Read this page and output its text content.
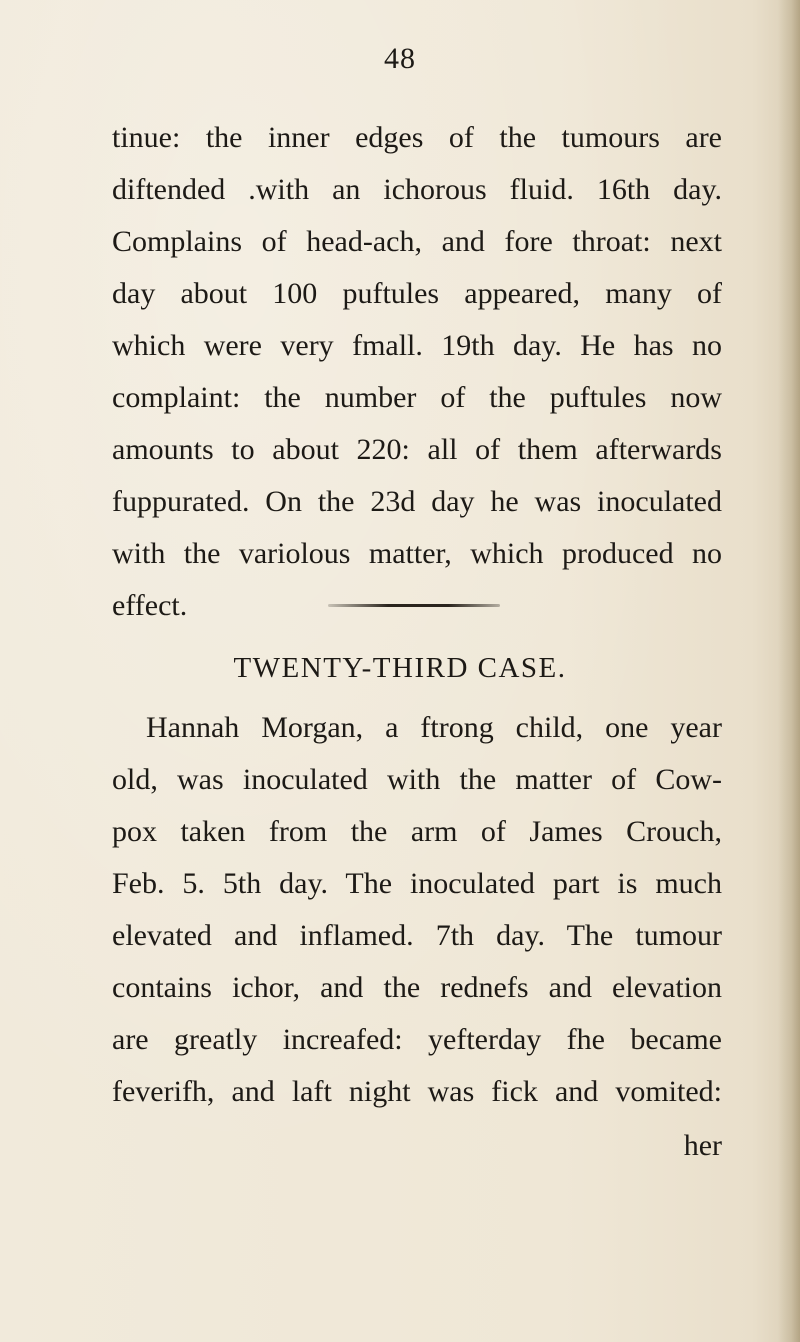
48
tinue: the inner edges of the tumours are
diftended .with an ichorous fluid. 16th day.
Complains of head-ach, and fore throat: next
day about 100 puftules appeared, many of
which were very fmall. 19th day. He has no
complaint: the number of the puftules now
amounts to about 220: all of them afterwards
fuppurated. On the 23d day he was inoculated
with the variolous matter, which produced no
effect.
TWENTY-THIRD CASE.
Hannah Morgan, a ftrong child, one year
old, was inoculated with the matter of Cow-
pox taken from the arm of James Crouch,
Feb. 5. 5th day. The inoculated part is much
elevated and inflamed. 7th day. The tumour
contains ichor, and the rednefs and elevation
are greatly increafed: yefterday fhe became
feverifh, and laft night was fick and vomited:
her
